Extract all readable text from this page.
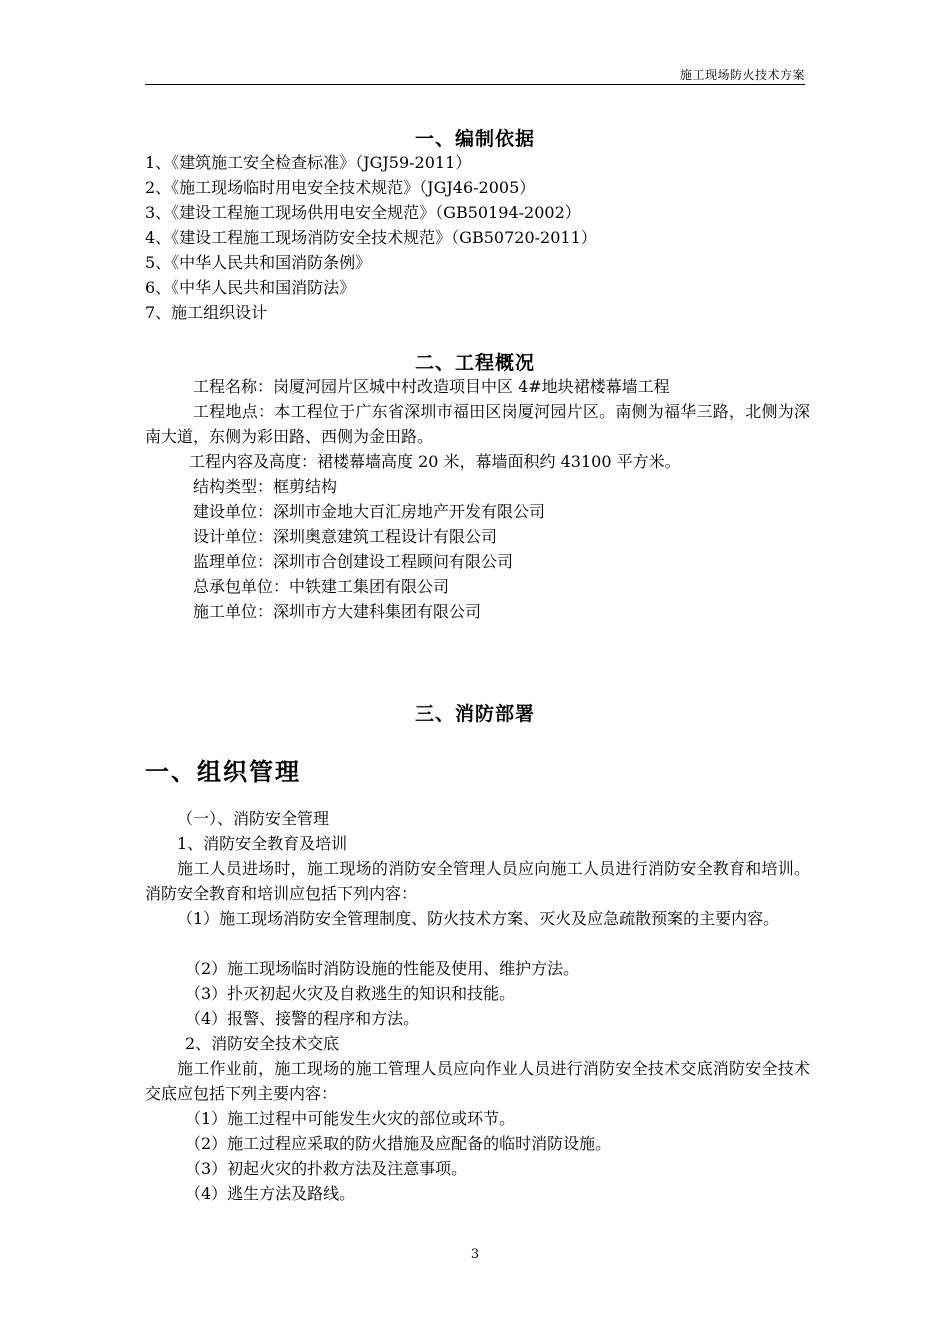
施工现场防火技术方案
一、编制依据
1、《建筑施工安全检查标准》（JGJ59-2011）
2、《施工现场临时用电安全技术规范》（JGJ46-2005）
3、《建设工程施工现场供用电安全规范》（GB50194-2002）
4、《建设工程施工现场消防安全技术规范》（GB50720-2011）
5、《中华人民共和国消防条例》
6、《中华人民共和国消防法》
7、施工组织设计
二、工程概况
工程名称：岗厦河园片区城中村改造项目中区 4#地块裙楼幕墙工程
工程地点：本工程位于广东省深圳市福田区岗厦河园片区。南侧为福华三路，北侧为深南大道，东侧为彩田路、西侧为金田路。
工程内容及高度：裙楼幕墙高度 20 米，幕墙面积约 43100 平方米。
结构类型：框剪结构
建设单位：深圳市金地大百汇房地产开发有限公司
设计单位：深圳奥意建筑工程设计有限公司
监理单位：深圳市合创建设工程顾问有限公司
总承包单位：中铁建工集团有限公司
施工单位：深圳市方大建科集团有限公司
三、消防部署
一、组织管理
（一）、消防安全管理
1、消防安全教育及培训
施工人员进场时，施工现场的消防安全管理人员应向施工人员进行消防安全教育和培训。消防安全教育和培训应包括下列内容：
（1）施工现场消防安全管理制度、防火技术方案、灭火及应急疏散预案的主要内容。
（2）施工现场临时消防设施的性能及使用、维护方法。
（3）扑灭初起火灾及自救逃生的知识和技能。
（4）报警、接警的程序和方法。
2、消防安全技术交底
施工作业前，施工现场的施工管理人员应向作业人员进行消防安全技术交底消防安全技术交底应包括下列主要内容：
（1）施工过程中可能发生火灾的部位或环节。
（2）施工过程应采取的防火措施及应配备的临时消防设施。
（3）初起火灾的扑救方法及注意事项。
（4）逃生方法及路线。
3
